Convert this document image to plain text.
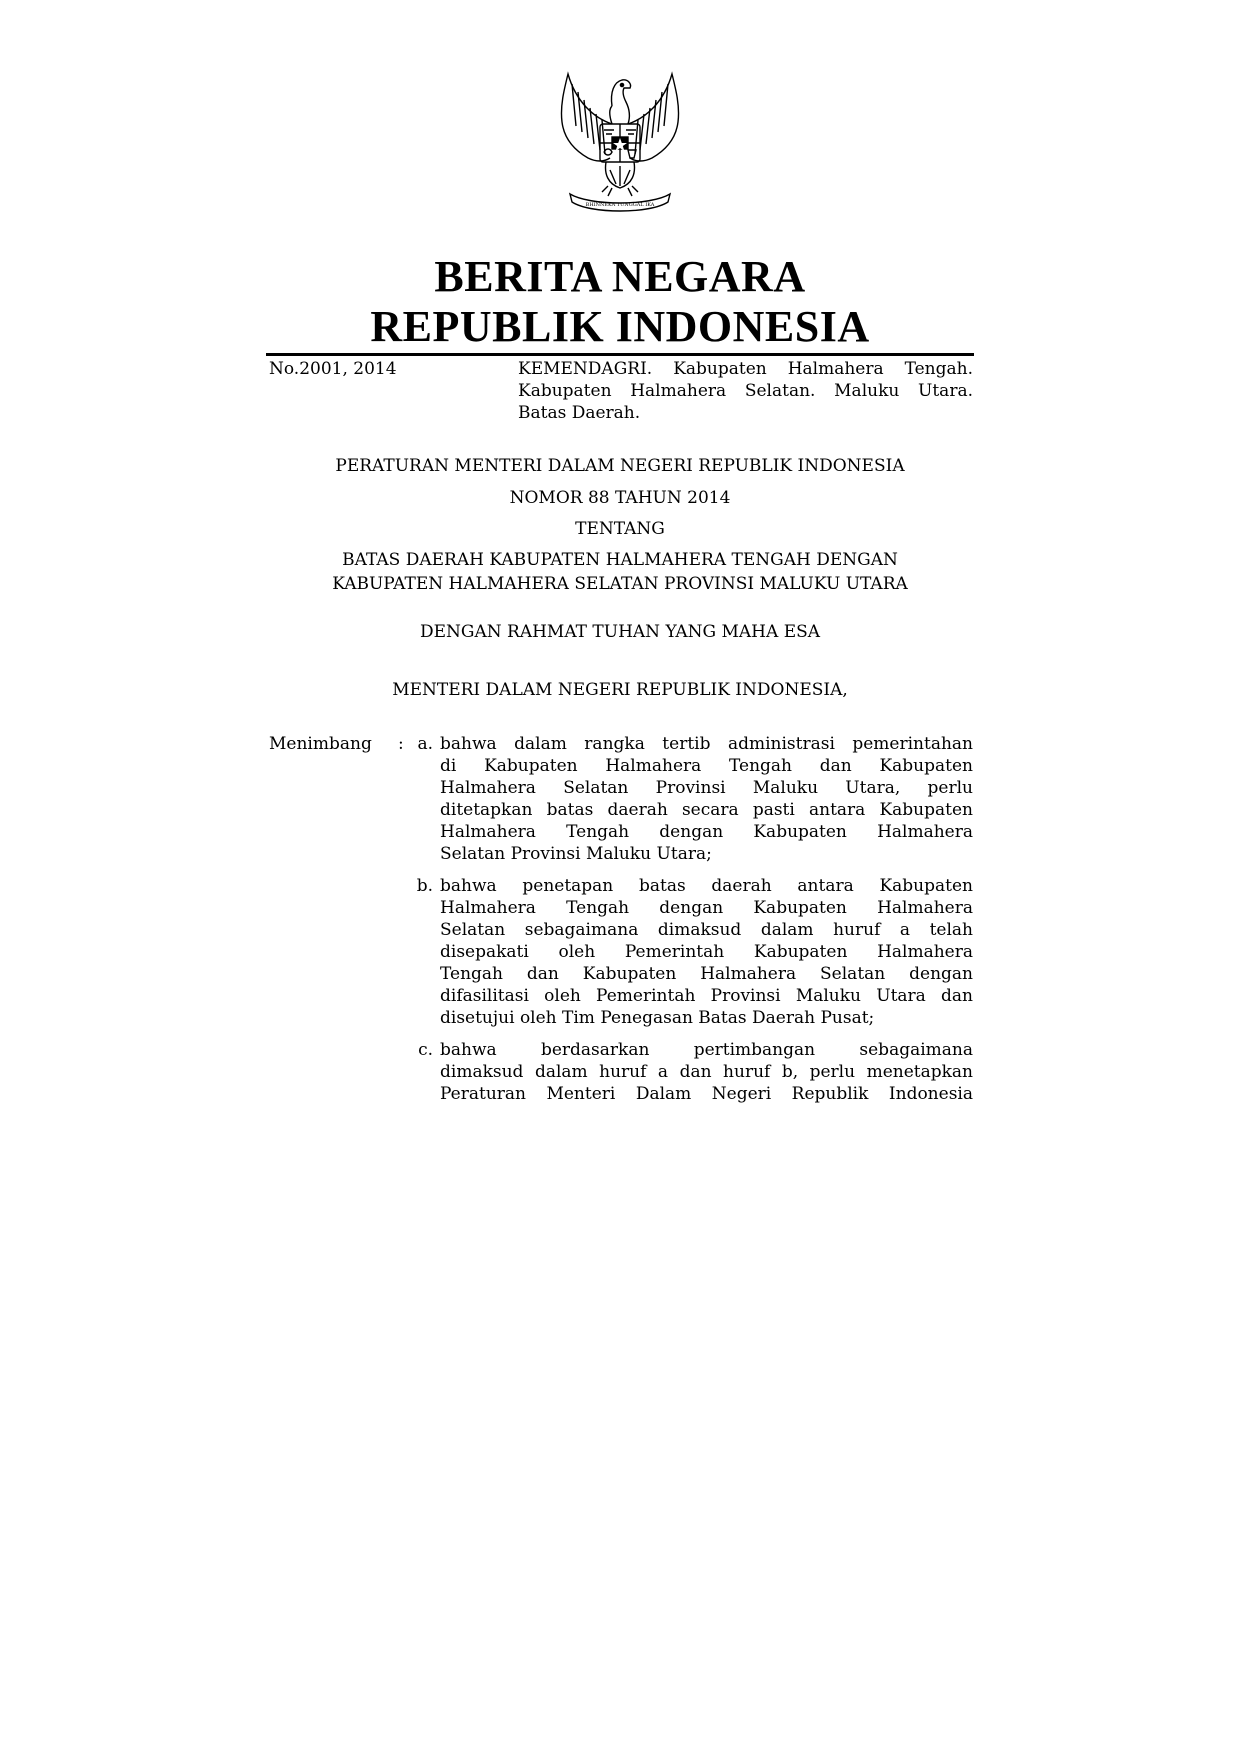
BHINNEKA TUNGGAL IKA
BERITA NEGARA
REPUBLIK INDONESIA
No.2001, 2014	KEMENDAGRI. Kabupaten Halmahera Tengah.
Kabupaten Halmahera Selatan. Maluku Utara.
Batas Daerah.
PERATURAN MENTERI DALAM NEGERI REPUBLIK INDONESIA
NOMOR 88 TAHUN 2014
TENTANG
BATAS DAERAH KABUPATEN HALMAHERA TENGAH DENGAN
KABUPATEN HALMAHERA SELATAN PROVINSI MALUKU UTARA
DENGAN RAHMAT TUHAN YANG MAHA ESA
MENTERI DALAM NEGERI REPUBLIK INDONESIA,
Menimbang : a. bahwa dalam rangka tertib administrasi pemerintahan
di Kabupaten Halmahera Tengah dan Kabupaten
Halmahera Selatan Provinsi Maluku Utara, perlu
ditetapkan batas daerah secara pasti antara Kabupaten
Halmahera Tengah dengan Kabupaten Halmahera
Selatan Provinsi Maluku Utara;
b. bahwa penetapan batas daerah antara Kabupaten
Halmahera Tengah dengan Kabupaten Halmahera
Selatan sebagaimana dimaksud dalam huruf a telah
disepakati oleh Pemerintah Kabupaten Halmahera
Tengah dan Kabupaten Halmahera Selatan dengan
difasilitasi oleh Pemerintah Provinsi Maluku Utara dan
disetujui oleh Tim Penegasan Batas Daerah Pusat;
c. bahwa berdasarkan pertimbangan sebagaimana
dimaksud dalam huruf a dan huruf b, perlu menetapkan
Peraturan Menteri Dalam Negeri Republik Indonesia
